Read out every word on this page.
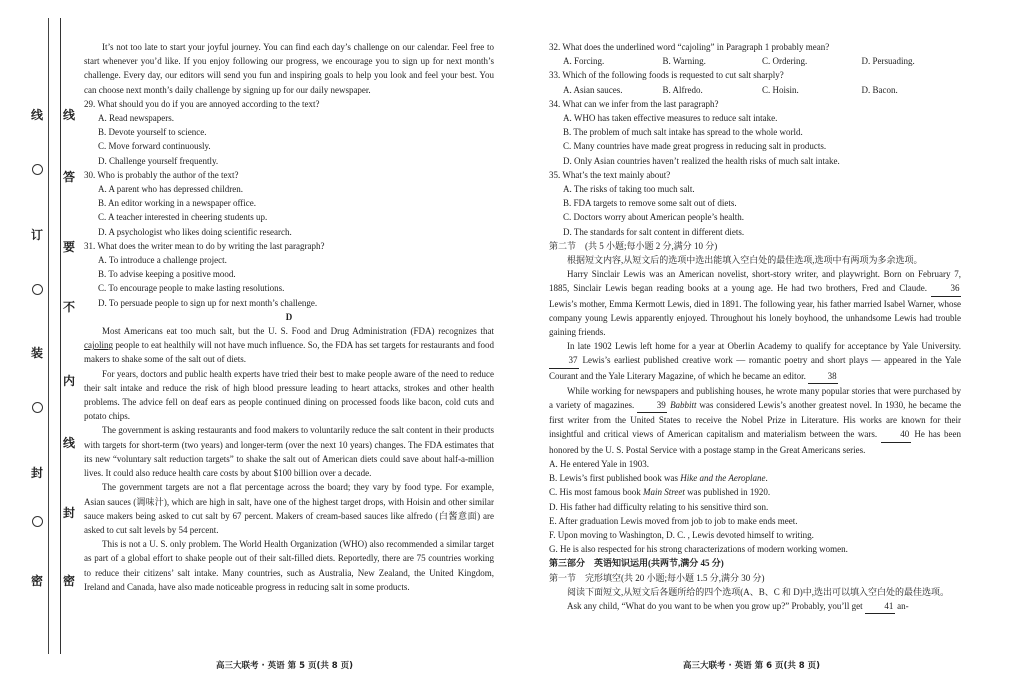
线
订
装
封
密
线
答
要
不
内
线
封
密

It’s not too late to start your joyful journey. You can find each day’s challenge on our calendar. Feel free to start whenever you’d like. If you enjoy following our progress, we encourage you to sign up for next month’s challenge. Every day, our editors will send you fun and inspiring goals to help you look and feel your best. You can choose next month’s daily challenge by signing up for our daily newspaper.

29. What should you do if you are annoyed according to the text?

A. Read newspapers.

B. Devote yourself to science.

C. Move forward continuously.

D. Challenge yourself frequently.

30. Who is probably the author of the text?

A. A parent who has depressed children.

B. An editor working in a newspaper office.

C. A teacher interested in cheering students up.

D. A psychologist who likes doing scientific research.

31. What does the writer mean to do by writing the last paragraph?

A. To introduce a challenge project.

B. To advise keeping a positive mood.

C. To encourage people to make lasting resolutions.

D. To persuade people to sign up for next month’s challenge.

D

Most Americans eat too much salt, but the U. S. Food and Drug Administration (FDA) recognizes that cajoling people to eat healthily will not have much influence. So, the FDA has set targets for restaurants and food makers to shake some of the salt out of diets.

For years, doctors and public health experts have tried their best to make people aware of the need to reduce their salt intake and reduce the risk of high blood pressure leading to heart attacks, strokes and other health problems. The advice fell on deaf ears as people continued dining on processed foods like bacon, cold cuts and potato chips.

The government is asking restaurants and food makers to voluntarily reduce the salt content in their products with targets for short-term (two years) and longer-term (over the next 10 years) changes. The FDA estimates that its new “voluntary salt reduction targets” to shake the salt out of American diets could save about half-a-million lives. It could also reduce health care costs by about $100 billion over a decade.

The government targets are not a flat percentage across the board; they vary by food type. For example, Asian sauces (调味汁), which are high in salt, have one of the highest target drops, with Hoisin and other similar sauce makers being asked to cut salt by 67 percent. Makers of cream-based sauces like alfredo (白酱意面) are asked to cut salt levels by 54 percent.

This is not a U. S. only problem. The World Health Organization (WHO) also recommended a similar target as part of a global effort to shake people out of their salt-filled diets. Reportedly, there are 75 countries working to reduce their citizens’ salt intake. Many countries, such as Australia, New Zealand, the United Kingdom, Ireland and Canada, have also made noticeable progress in reducing salt in some products.

32. What does the underlined word “cajoling” in Paragraph 1 probably mean?

A. Forcing.	B. Warning.	C. Ordering.	D. Persuading.

33. Which of the following foods is requested to cut salt sharply?

A. Asian sauces.	B. Alfredo.	C. Hoisin.	D. Bacon.

34. What can we infer from the last paragraph?

A. WHO has taken effective measures to reduce salt intake.

B. The problem of much salt intake has spread to the whole world.

C. Many countries have made great progress in reducing salt in products.

D. Only Asian countries haven’t realized the health risks of much salt intake.

35. What’s the text mainly about?

A. The risks of taking too much salt.

B. FDA targets to remove some salt out of diets.

C. Doctors worry about American people’s health.

D. The standards for salt content in different diets.

第二节　(共 5 小题;每小题 2 分,满分 10 分)

根据短文内容,从短文后的选项中选出能填入空白处的最佳选项,选项中有两项为多余选项。

Harry Sinclair Lewis was an American novelist, short-story writer, and playwright. Born on February 7, 1885, Sinclair Lewis began reading books at a young age. He had two brothers, Fred and Claude. 36 Lewis’s mother, Emma Kermott Lewis, died in 1891. The following year, his father married Isabel Warner, whose company young Lewis apparently enjoyed. Throughout his lonely boyhood, the unhandsome Lewis had trouble gaining friends.

In late 1902 Lewis left home for a year at Oberlin Academy to qualify for acceptance by Yale University. 37 Lewis’s earliest published creative work — romantic poetry and short plays — appeared in the Yale Courant and the Yale Literary Magazine, of which he became an editor. 38

While working for newspapers and publishing houses, he wrote many popular stories that were purchased by a variety of magazines. 39 Babbitt was considered Lewis’s another greatest novel. In 1930, he became the first writer from the United States to receive the Nobel Prize in Literature. His works are known for their insightful and critical views of American capitalism and materialism between the wars. 40 He has been honored by the U. S. Postal Service with a postage stamp in the Great Americans series.

A. He entered Yale in 1903.

B. Lewis’s first published book was Hike and the Aeroplane.

C. His most famous book Main Street was published in 1920.

D. His father had difficulty relating to his sensitive third son.

E. After graduation Lewis moved from job to job to make ends meet.

F. Upon moving to Washington, D. C. , Lewis devoted himself to writing.

G. He is also respected for his strong characterizations of modern working women.

第三部分　英语知识运用(共两节,满分 45 分)

第一节　完形填空(共 20 小题;每小题 1.5 分,满分 30 分)

阅读下面短文,从短文后各题所给的四个选项(A、B、C 和 D)中,选出可以填入空白处的最佳选项。

Ask any child, “What do you want to be when you grow up?” Probably, you’ll get 41 an-

高三大联考 · 英语 第 5 页(共 8 页)	高三大联考 · 英语 第 6 页(共 8 页)
